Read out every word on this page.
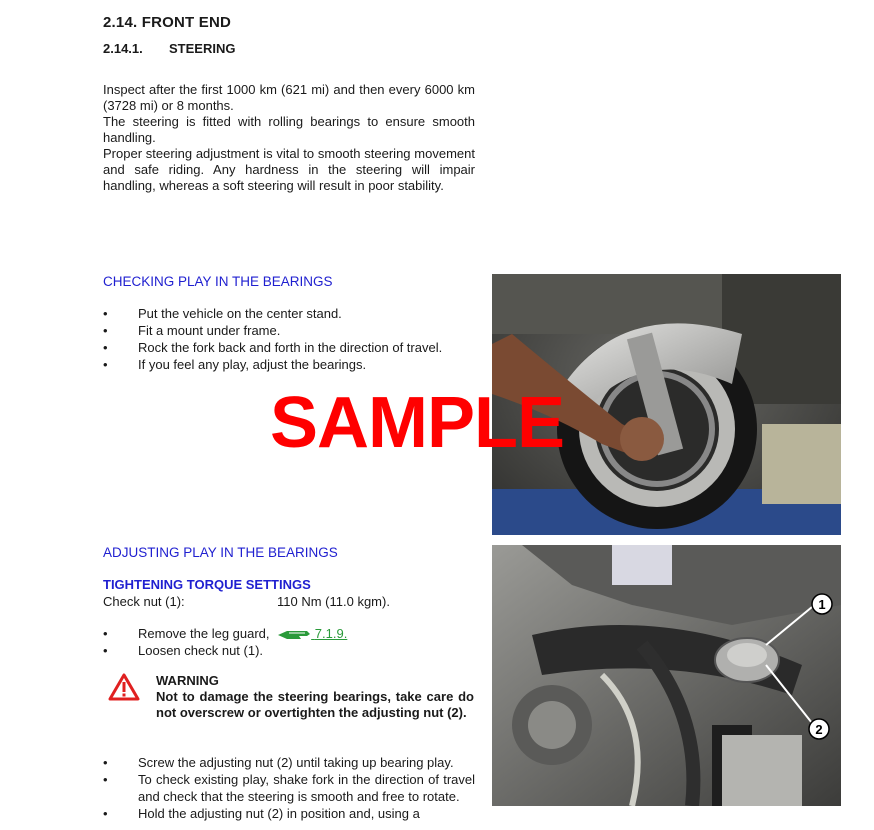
2.14. FRONT END
2.14.1. STEERING

Inspect after the first 1000 km (621 mi) and then every 6000 km (3728 mi) or 8 months.

The steering is fitted with rolling bearings to ensure smooth handling.

Proper steering adjustment is vital to smooth steering movement and safe riding. Any hardness in the steering will impair handling, whereas a soft steering will result in poor stability.

CHECKING PLAY IN THE BEARINGS
• Put the vehicle on the center stand.
• Fit a mount under frame.
• Rock the fork back and forth in the direction of travel.
• If you feel any play, adjust the bearings.
ADJUSTING PLAY IN THE BEARINGS
TIGHTENING TORQUE SETTINGS
Check nut (1):	110 Nm (11.0 kgm).
• Remove the leg guard,	7.1.9.
• Loosen check nut (1).
WARNING
Not to damage the steering bearings, take care do not overscrew or overtighten the adjusting nut (2).
• Screw the adjusting nut (2) until taking up bearing play.
• To check existing play, shake fork in the direction of travel and check that the steering is smooth and free to rotate.
• Hold the adjusting nut (2) in position and, using a
1
2
SAMPLE
